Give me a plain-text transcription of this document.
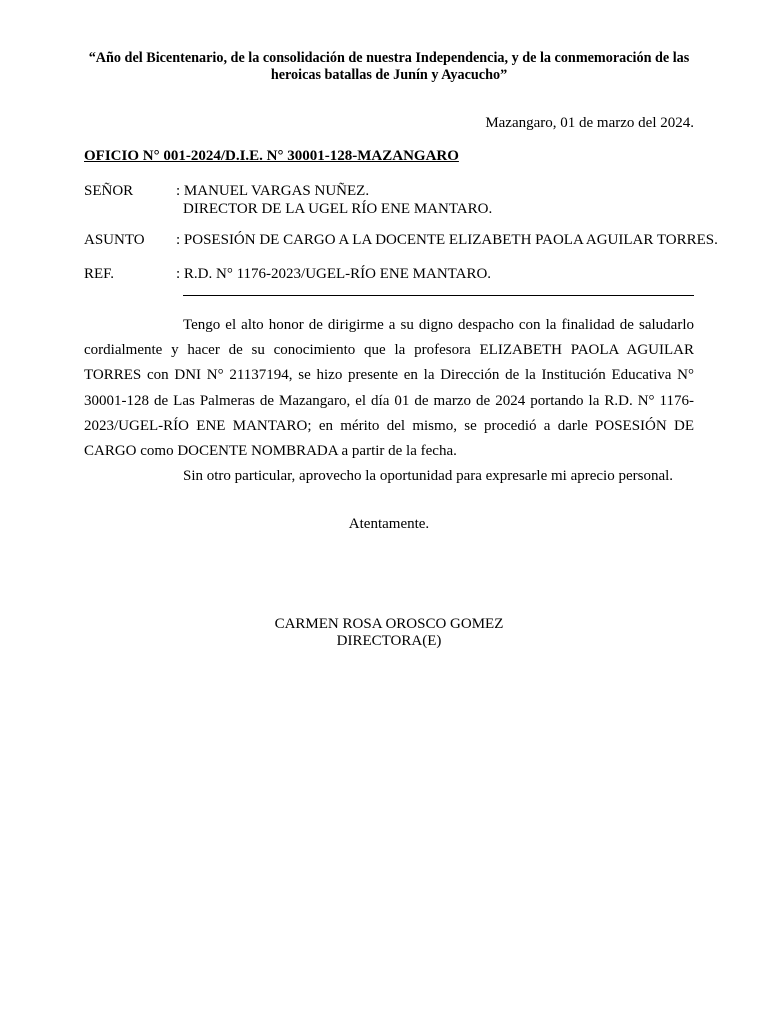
“Año del Bicentenario, de la consolidación de nuestra Independencia, y de la conmemoración de las
heroicas batallas de Junín y Ayacucho”
Mazangaro, 01 de marzo del 2024.
OFICIO N° 001-2024/D.I.E. N° 30001-128-MAZANGARO
SEÑOR	: MANUEL VARGAS NUÑEZ.
DIRECTOR DE LA UGEL RÍO ENE MANTARO.
ASUNTO : POSESIÓN DE CARGO A LA DOCENTE ELIZABETH PAOLA AGUILAR TORRES.
REF.	: R.D. N° 1176-2023/UGEL-RÍO ENE MANTARO.

Tengo el alto honor de dirigirme a su digno despacho con la finalidad de saludarlo cordialmente y hacer de su conocimiento que la profesora ELIZABETH PAOLA AGUILAR TORRES con DNI N° 21137194, se hizo presente en la Dirección de la Institución Educativa N° 30001-128 de Las Palmeras de Mazangaro, el día 01 de marzo de 2024 portando la R.D. N° 1176-2023/UGEL-RÍO ENE MANTARO; en mérito del mismo, se procedió a darle POSESIÓN DE CARGO como DOCENTE NOMBRADA a partir de la fecha.

Sin otro particular, aprovecho la oportunidad para expresarle mi aprecio personal.

Atentamente.
CARMEN ROSA OROSCO GOMEZ
DIRECTORA(E)
